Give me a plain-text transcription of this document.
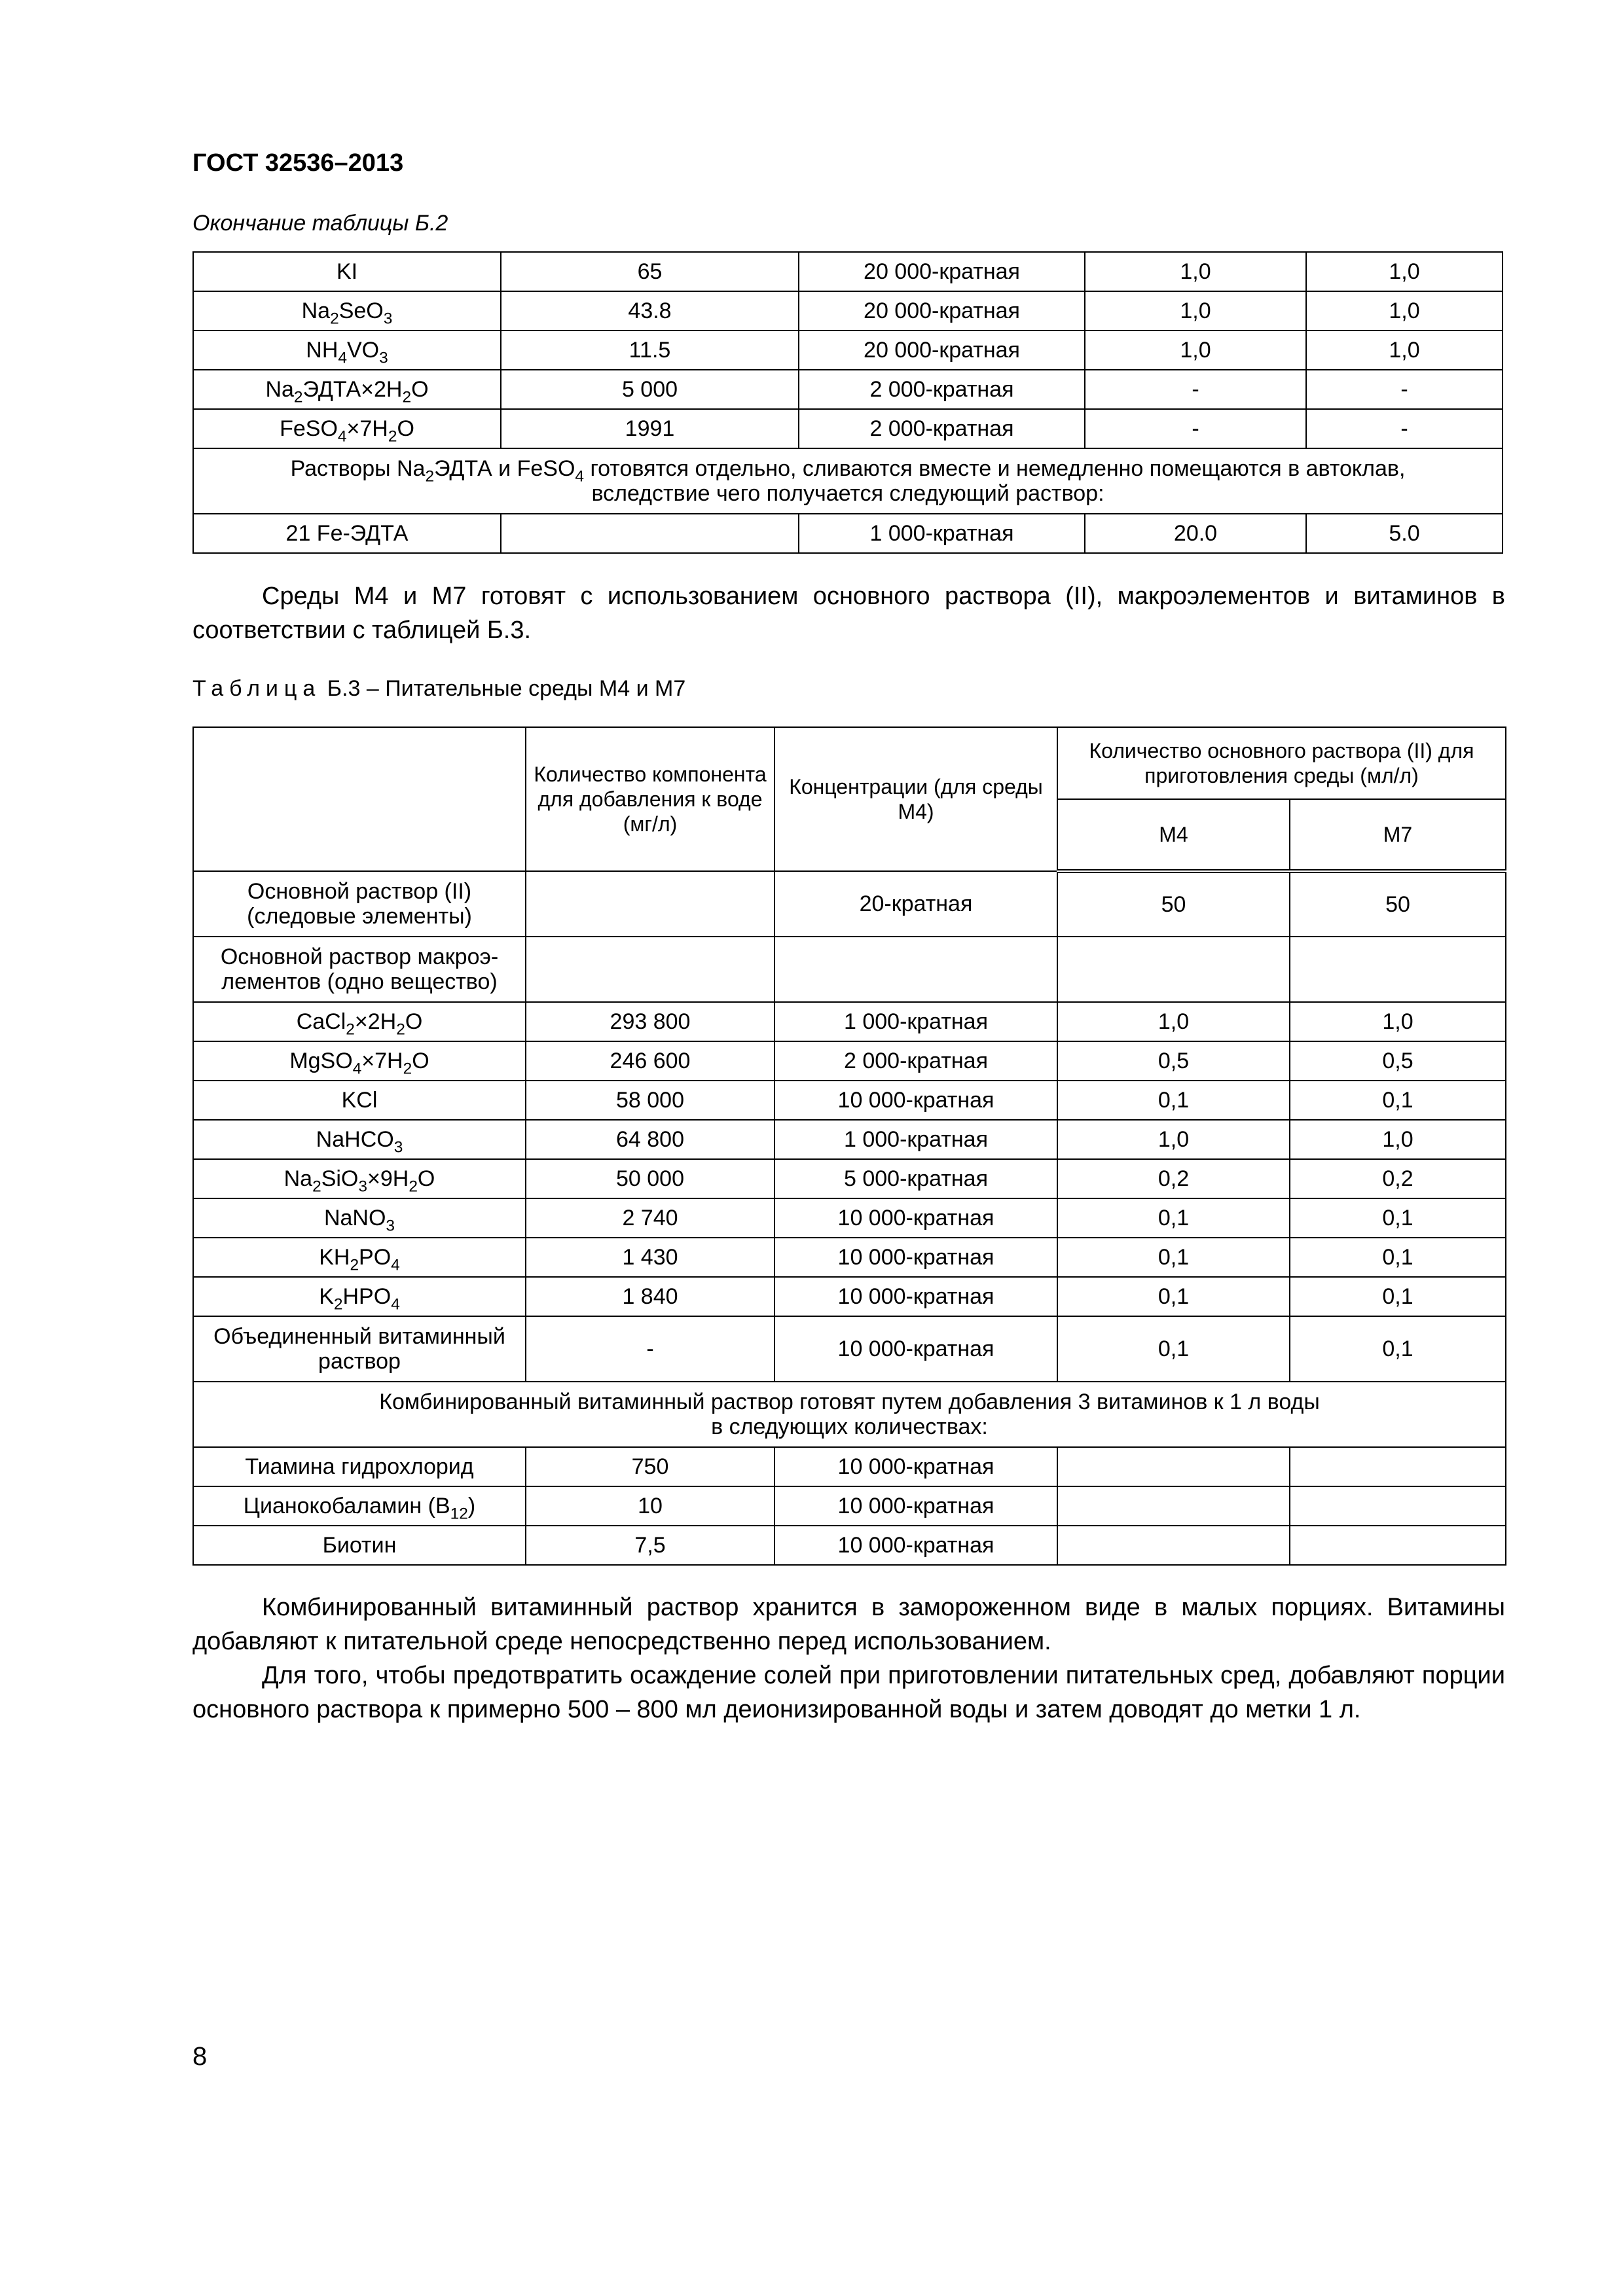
ГОСТ 32536–2013
Окончание таблицы Б.2
KI	65	20 000-кратная	1,0	1,0
$Na_2SeO_3$	43.8	20 000-кратная	1,0	1,0
$NH_4VO_3$	11.5	20 000-кратная	1,0	1,0
$Na_2ЭДТА\times 2H_2O$	5 000	2 000-кратная	-	-
$FeSO_4\times 7H_2O$	1991	2 000-кратная	-	-
Растворы $Na_2ЭДТА$ и FeSO$_4$ готовятся отдельно, сливаются вместе и немедленно помещаются в автоклав,
вследствие чего получается следующий раствор:				
21 Fe-ЭДТА		1 000-кратная	20.0	5.0
Среды М4 и М7 готовят с использованием основного раствора (II), макроэлементов и витаминов в соответствии с таблицей Б.3.
Таблица Б.3 – Питательные среды М4 и М7
	Количество компонента для добавления к воде (мг/л)	Концентрации (для среды М4)	Количество основного раствора (II) для приготовления среды (мл/л)	
			М4	М7
Основной раствор (II) (следовые элементы)		20-кратная	50	50
Основной раствор макроэ-лементов (одно вещество)				
$CaCl_2\times 2H_2O$	293 800	1 000-кратная	1,0	1,0
$MgSO_4\times 7H_2O$	246 600	2 000-кратная	0,5	0,5
KCl	58 000	10 000-кратная	0,1	0,1
NaHCO$_3$	64 800	1 000-кратная	1,0	1,0
$Na_2SiO_3\times 9H_2O$	50 000	5 000-кратная	0,2	0,2
NaNO$_3$	2 740	10 000-кратная	0,1	0,1
$KH_2PO_4$	1 430	10 000-кратная	0,1	0,1
$K_2HPO_4$	1 840	10 000-кратная	0,1	0,1
Объединенный витаминный раствор	-	10 000-кратная	0,1	0,1
Комбинированный витаминный раствор готовят путем добавления 3 витаминов к 1 л воды
в следующих количествах:				
Тиамина гидрохлорид	750	10 000-кратная		
Цианокобаламин $(B_{12})$	10	10 000-кратная		
Биотин	7,5	10 000-кратная		

Комбинированный витаминный раствор хранится в замороженном виде в малых порциях. Витамины добавляют к питательной среде непосредственно перед использованием.

Для того, чтобы предотвратить осаждение солей при приготовлении питательных сред, добавляют порции основного раствора к примерно 500 – 800 мл деионизированной воды и затем доводят до метки 1 л.

8
